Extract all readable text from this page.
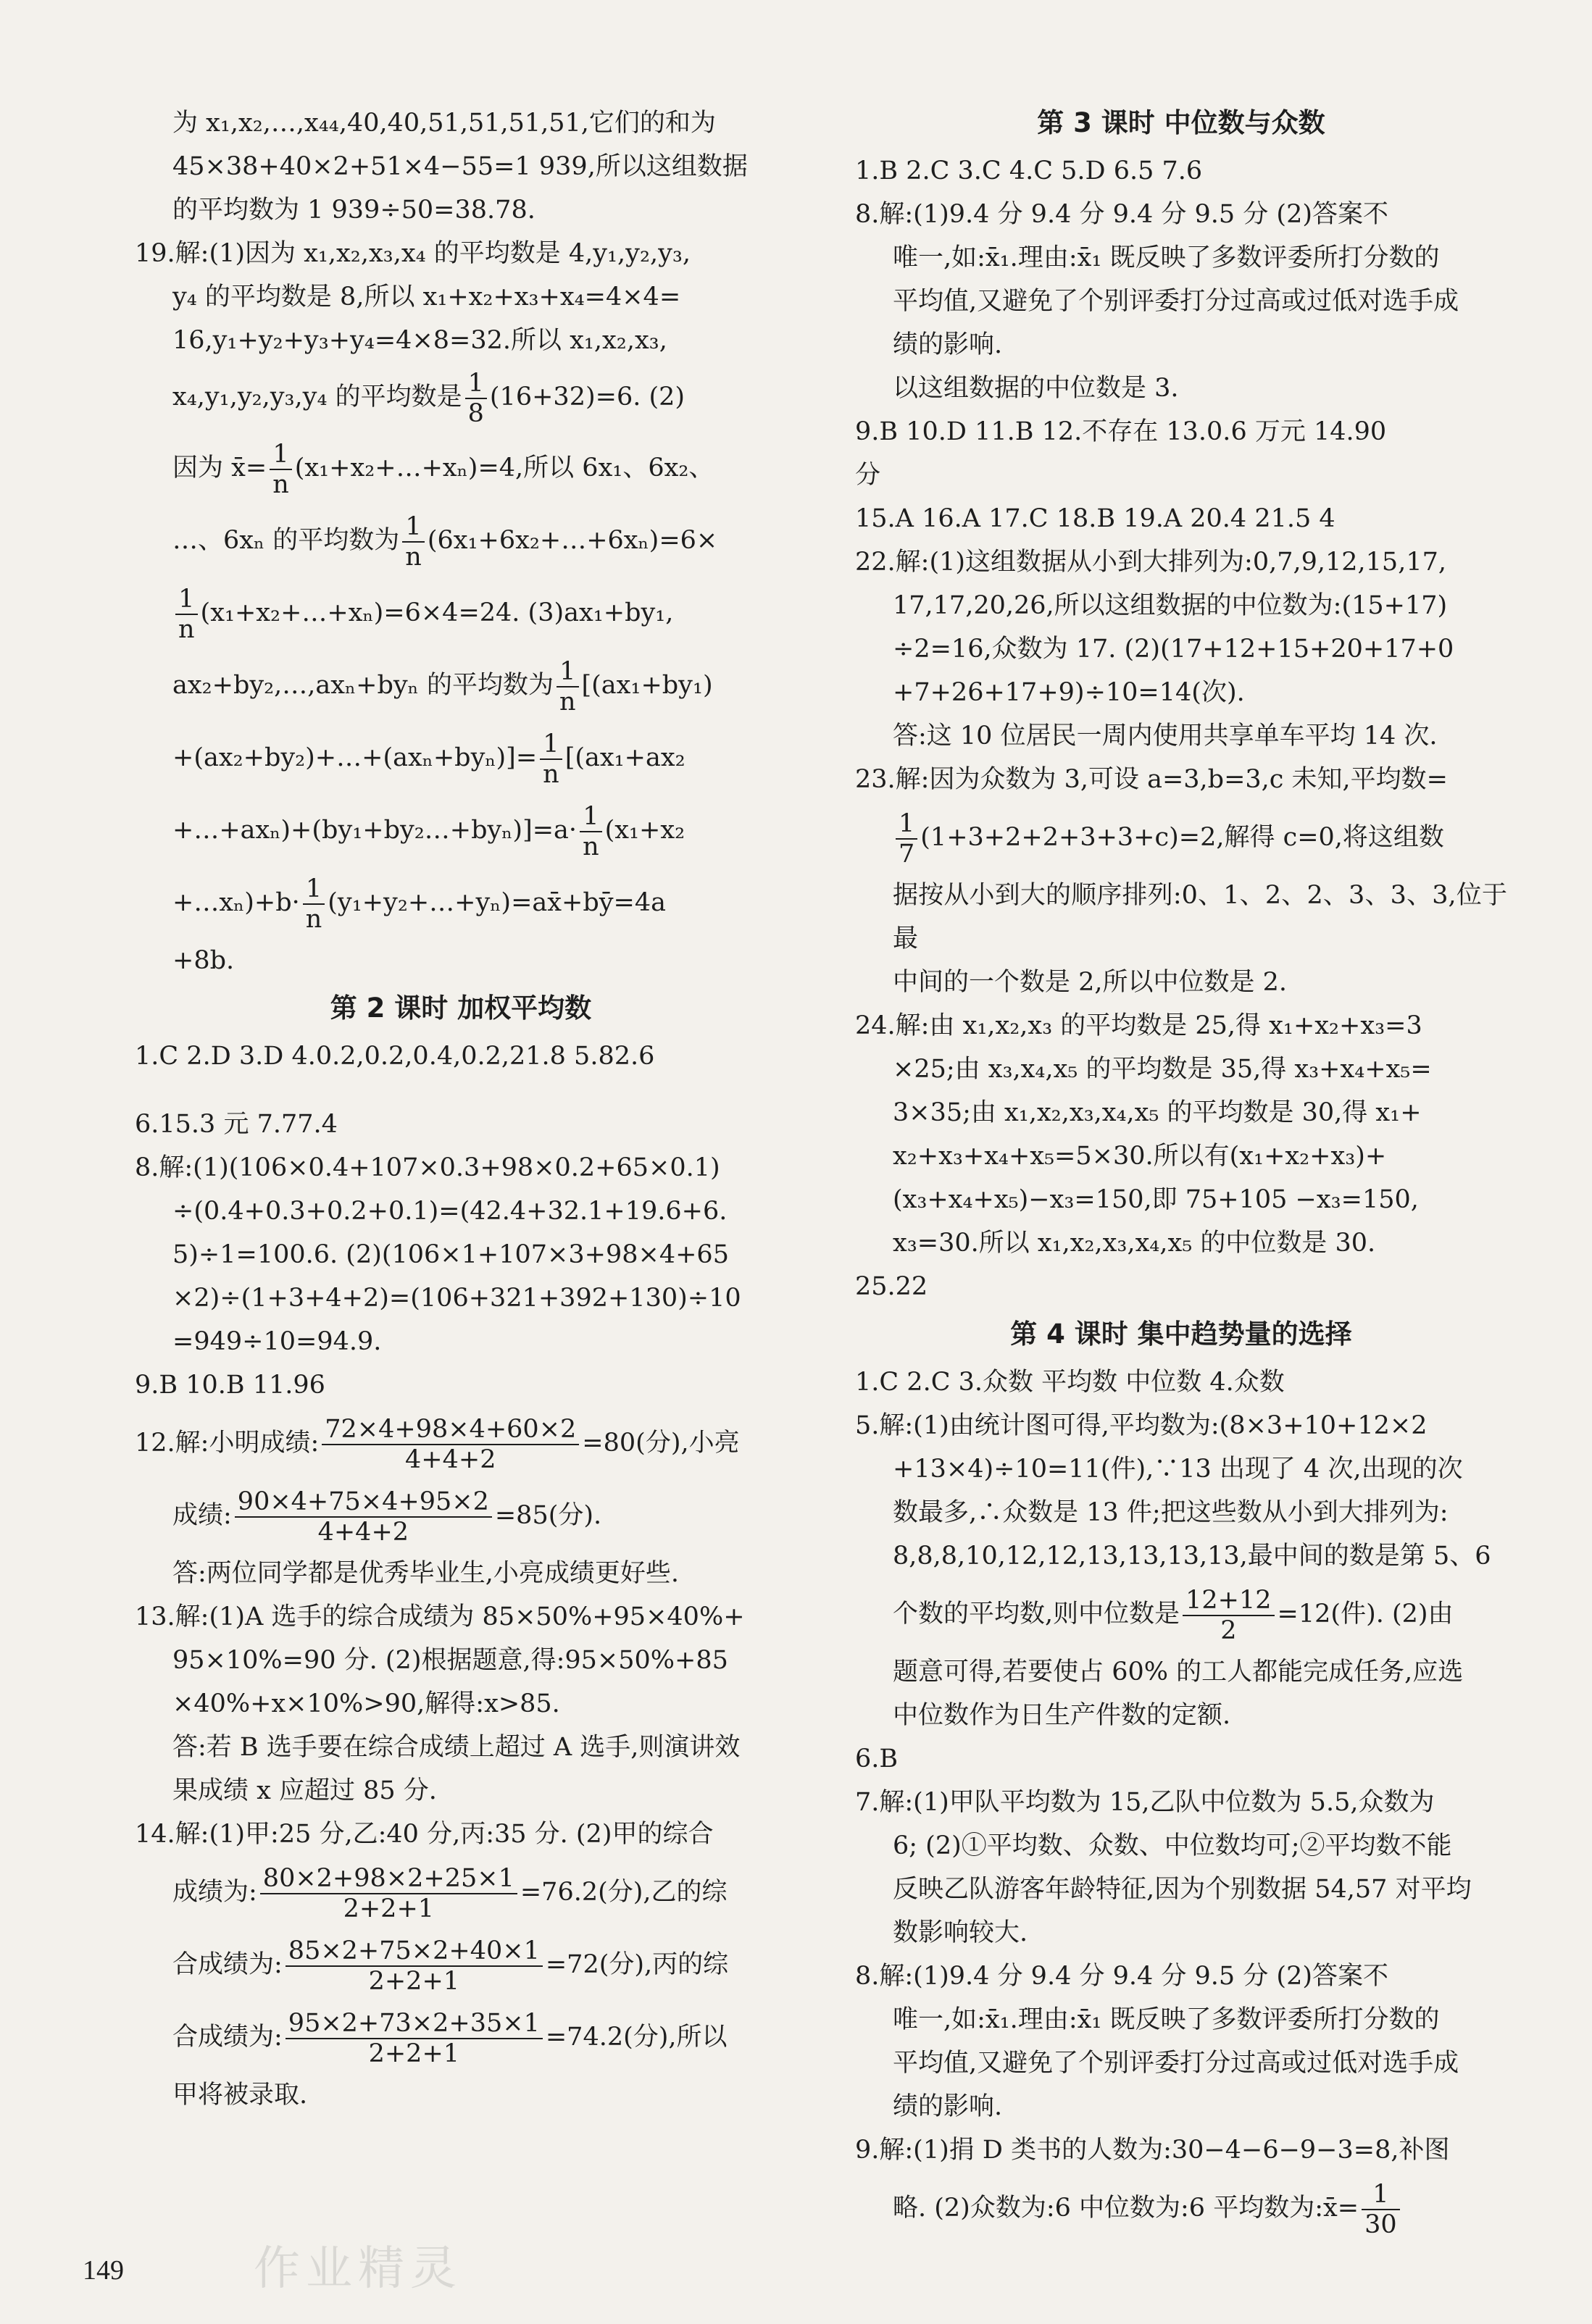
为 x₁,x₂,…,x₄₄,40,40,51,51,51,51,它们的和为

45×38+40×2+51×4−55=1 939,所以这组数据

的平均数为 1 939÷50=38.78.

19.解:(1)因为 x₁,x₂,x₃,x₄ 的平均数是 4,y₁,y₂,y₃,

y₄ 的平均数是 8,所以 x₁+x₂+x₃+x₄=4×4=

16,y₁+y₂+y₃+y₄=4×8=32.所以 x₁,x₂,x₃,

x₄,y₁,y₂,y₃,y₄ 的平均数是 $\frac{1}{8} (16+32)=6$. (2)

因为 x̄= $\frac{1}{n}$ (x₁+x₂+…+xₙ)=4,所以 6x₁、6x₂、

…、6xₙ 的平均数为 $\frac{1}{n}$ (6x₁+6x₂+…+6xₙ)=6×

$\frac{1}{n}$ (x₁+x₂+…+xₙ)=6×4=24. (3)ax₁+by₁,

ax₂+by₂,…,axₙ+byₙ 的平均数为 $\frac{1}{n} [(ax_1+by_1)$

+(ax₂+by₂)+…+(axₙ+byₙ)]= $\frac{1}{n} [(ax_1+ax_2$

+…+axₙ)+(by₁+by₂…+byₙ)]=a· $\frac{1}{n} (x_1+x_2$

+…xₙ)+b· $\frac{1}{n}$ (y₁+y₂+…+yₙ)=ax̄+bȳ=4a

+8b.

第 2 课时 加权平均数

1.C 2.D 3.D 4.0.2,0.2,0.4,0.2,21.8 5.82.6

6.15.3 元 7.77.4

8.解:(1)(106×0.4+107×0.3+98×0.2+65×0.1)

÷(0.4+0.3+0.2+0.1)=(42.4+32.1+19.6+6.

5)÷1=100.6. (2)(106×1+107×3+98×4+65

×2)÷(1+3+4+2)=(106+321+392+130)÷10

=949÷10=94.9.

9.B 10.B 11.96

12.解:小明成绩: $\frac{72\times 4+98\times 4+60\times 2}{4+4+2} =80$(分),小亮

成绩: $\frac{90\times 4+75\times 4+95\times 2}{4+4+2} =85$(分).

答:两位同学都是优秀毕业生,小亮成绩更好些.

13.解:(1)A 选手的综合成绩为 85×50%+95×40%+

95×10%=90 分. (2)根据题意,得:95×50%+85

×40%+x×10%>90,解得:x>85.

答:若 B 选手要在综合成绩上超过 A 选手,则演讲效

果成绩 x 应超过 85 分.

14.解:(1)甲:25 分,乙:40 分,丙:35 分. (2)甲的综合

成绩为: $\frac{80\times 2+98\times 2+25\times 1}{2+2+1} =76.2$(分),乙的综

合成绩为: $\frac{85\times 2+75\times 2+40\times 1}{2+2+1} =72$(分),丙的综

合成绩为: $\frac{95\times 2+73\times 2+35\times 1}{2+2+1} =74.2$(分),所以

甲将被录取.

第 3 课时 中位数与众数

1.B 2.C 3.C 4.C 5.D 6.5 7.6

8.解:(1)9.4 分 9.4 分 9.4 分 9.5 分 (2)答案不

唯一,如:x̄₁.理由:x̄₁ 既反映了多数评委所打分数的

平均值,又避免了个别评委打分过高或过低对选手成

绩的影响.

以这组数据的中位数是 3.

9.B 10.D 11.B 12.不存在 13.0.6 万元 14.90

分

15.A 16.A 17.C 18.B 19.A 20.4 21.5 4

22.解:(1)这组数据从小到大排列为:0,7,9,12,15,17,

17,17,20,26,所以这组数据的中位数为:(15+17)

÷2=16,众数为 17. (2)(17+12+15+20+17+0

+7+26+17+9)÷10=14(次).

答:这 10 位居民一周内使用共享单车平均 14 次.

23.解:因为众数为 3,可设 a=3,b=3,c 未知,平均数=

$\frac{1}{7} (1+3+2+2+3+3+c)=2$,解得 c=0,将这组数

据按从小到大的顺序排列:0、1、2、2、3、3、3,位于最

中间的一个数是 2,所以中位数是 2.

24.解:由 x₁,x₂,x₃ 的平均数是 25,得 x₁+x₂+x₃=3

×25;由 x₃,x₄,x₅ 的平均数是 35,得 x₃+x₄+x₅=

3×35;由 x₁,x₂,x₃,x₄,x₅ 的平均数是 30,得 x₁+

x₂+x₃+x₄+x₅=5×30.所以有(x₁+x₂+x₃)+

(x₃+x₄+x₅)−x₃=150,即 75+105 −x₃=150,

x₃=30.所以 x₁,x₂,x₃,x₄,x₅ 的中位数是 30.

25.22

第 4 课时 集中趋势量的选择

1.C 2.C 3.众数 平均数 中位数 4.众数

5.解:(1)由统计图可得,平均数为:(8×3+10+12×2

+13×4)÷10=11(件),∵13 出现了 4 次,出现的次

数最多,∴众数是 13 件;把这些数从小到大排列为:

8,8,8,10,12,12,13,13,13,13,最中间的数是第 5、6

个数的平均数,则中位数是 $\frac{12+12}{2} =12$(件). (2)由

题意可得,若要使占 60% 的工人都能完成任务,应选

中位数作为日生产件数的定额.

6.B

7.解:(1)甲队平均数为 15,乙队中位数为 5.5,众数为

6; (2)①平均数、众数、中位数均可;②平均数不能

反映乙队游客年龄特征,因为个别数据 54,57 对平均

数影响较大.

8.解:(1)9.4 分 9.4 分 9.4 分 9.5 分 (2)答案不

唯一,如:x̄₁.理由:x̄₁ 既反映了多数评委所打分数的

平均值,又避免了个别评委打分过高或过低对选手成

绩的影响.

9.解:(1)捐 D 类书的人数为:30−4−6−9−3=8,补图

略. (2)众数为:6 中位数为:6 平均数为:x̄= $\frac{1}{30}$

149	作业精灵
